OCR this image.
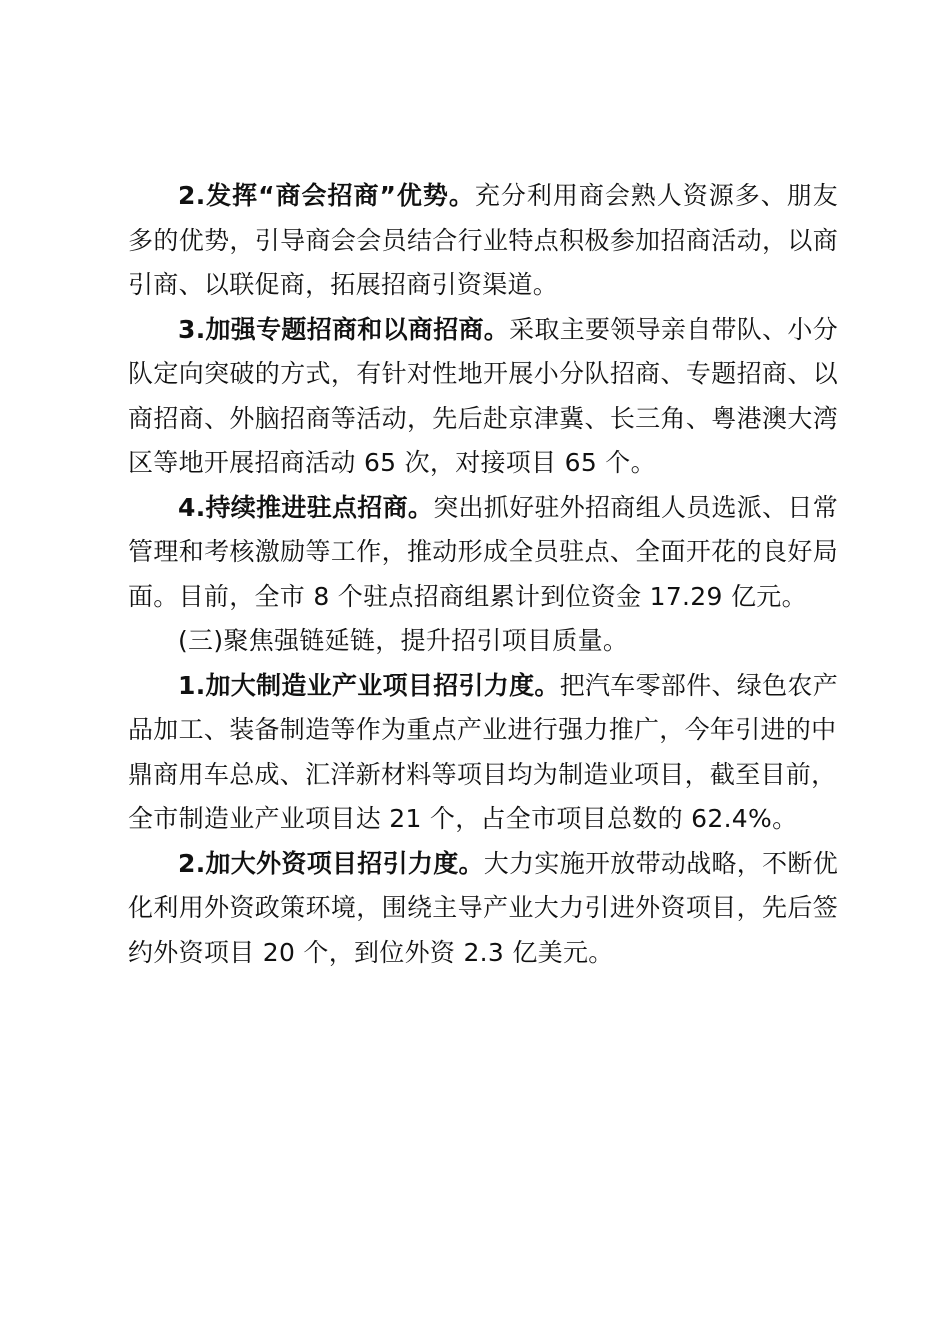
2.发挥“商会招商”优势。充分利用商会熟人资源多、朋友多的优势，引导商会会员结合行业特点积极参加招商活动，以商引商、以联促商，拓展招商引资渠道。

3.加强专题招商和以商招商。采取主要领导亲自带队、小分队定向突破的方式，有针对性地开展小分队招商、专题招商、以商招商、外脑招商等活动，先后赴京津冀、长三角、粤港澳大湾区等地开展招商活动 65 次，对接项目 65 个。

4.持续推进驻点招商。突出抓好驻外招商组人员选派、日常管理和考核激励等工作，推动形成全员驻点、全面开花的良好局面。目前，全市 8 个驻点招商组累计到位资金 17.29 亿元。

(三)聚焦强链延链，提升招引项目质量。

1.加大制造业产业项目招引力度。把汽车零部件、绿色农产品加工、装备制造等作为重点产业进行强力推广，今年引进的中鼎商用车总成、汇洋新材料等项目均为制造业项目，截至目前，全市制造业产业项目达 21 个，占全市项目总数的 62.4%。

2.加大外资项目招引力度。大力实施开放带动战略，不断优化利用外资政策环境，围绕主导产业大力引进外资项目，先后签约外资项目 20 个，到位外资 2.3 亿美元。
